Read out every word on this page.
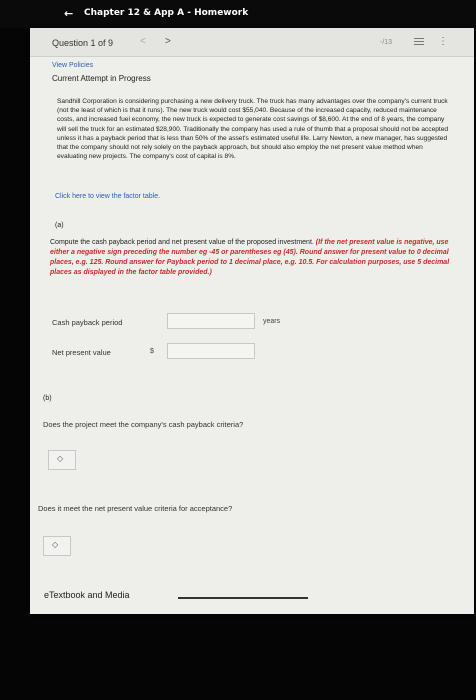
← Chapter 12 & App A - Homework
Question 1 of 9	< >	-/13	⋮
View Policies
Current Attempt in Progress
Sandhill Corporation is considering purchasing a new delivery truck. The truck has many advantages over the company's current truck (not the least of which is that it runs). The new truck would cost $55,040. Because of the increased capacity, reduced maintenance costs, and increased fuel economy, the new truck is expected to generate cost savings of $8,600. At the end of 8 years, the company will sell the truck for an estimated $28,900. Traditionally the company has used a rule of thumb that a proposal should not be accepted unless it has a payback period that is less than 50% of the asset's estimated useful life. Larry Newton, a new manager, has suggested that the company should not rely solely on the payback approach, but should also employ the net present value method when evaluating new projects. The company's cost of capital is 8%.
Click here to view the factor table.
(a)
Compute the cash payback period and net present value of the proposed investment. (If the net present value is negative, use either a negative sign preceding the number eg -45 or parentheses eg (45). Round answer for present value to 0 decimal places, e.g. 125. Round answer for Payback period to 1 decimal place, e.g. 10.5. For calculation purposes, use 5 decimal places as displayed in the factor table provided.)
Cash payback period	years
Net present value	$
(b)
Does the project meet the company's cash payback criteria?
◇
Does it meet the net present value criteria for acceptance?
◇
eTextbook and Media
